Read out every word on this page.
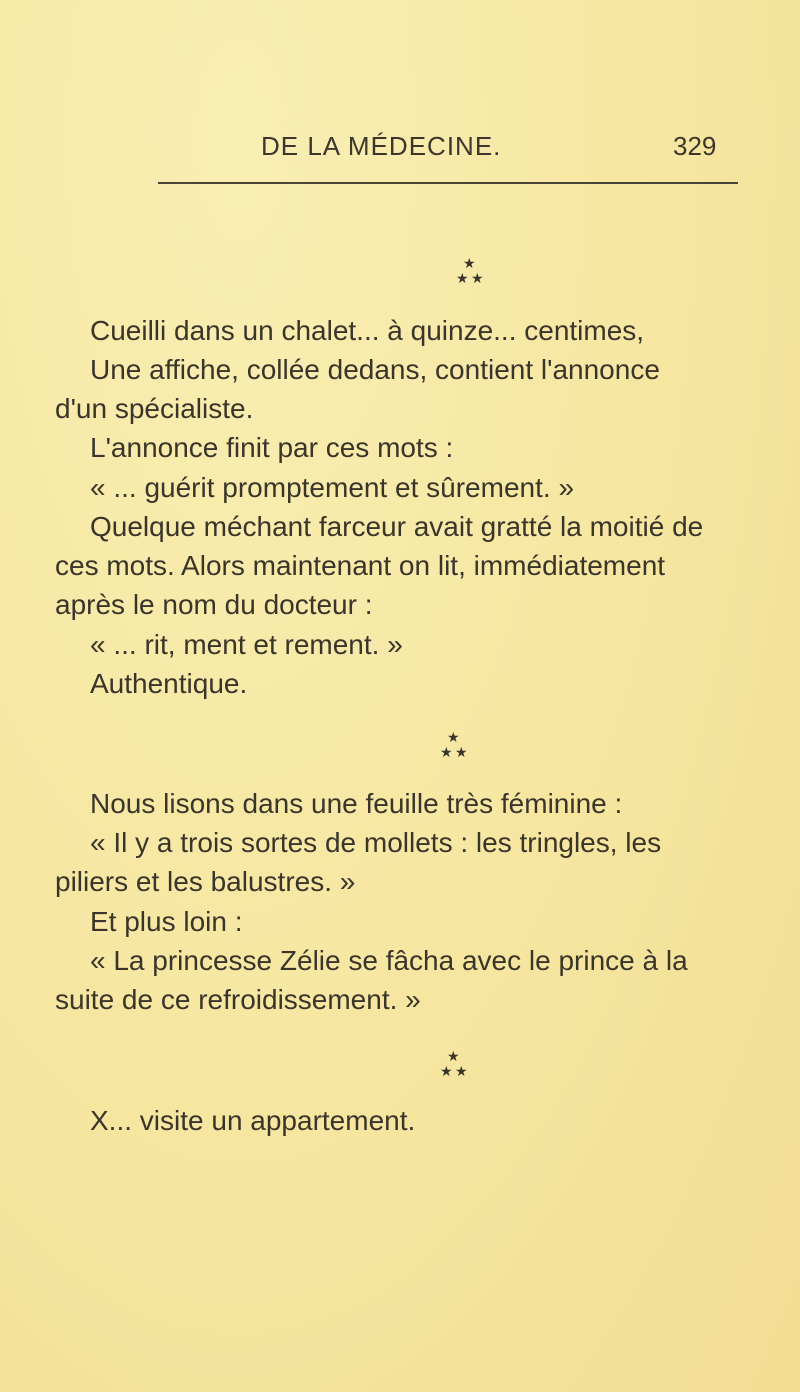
DE LA MÉDECINE.	329
★
★ ★
Cueilli dans un chalet... à quinze... centimes,
Une affiche, collée dedans, contient l'annonce
d'un spécialiste.
L'annonce finit par ces mots :
« ... guérit promptement et sûrement. »
Quelque méchant farceur avait gratté la moitié de
ces mots. Alors maintenant on lit, immédiatement
après le nom du docteur :
« ... rit, ment et rement. »
Authentique.
★
★ ★
Nous lisons dans une feuille très féminine :
« Il y a trois sortes de mollets : les tringles, les
piliers et les balustres. »
Et plus loin :
« La princesse Zélie se fâcha avec le prince à la
suite de ce refroidissement. »
★
★ ★
X... visite un appartement.
